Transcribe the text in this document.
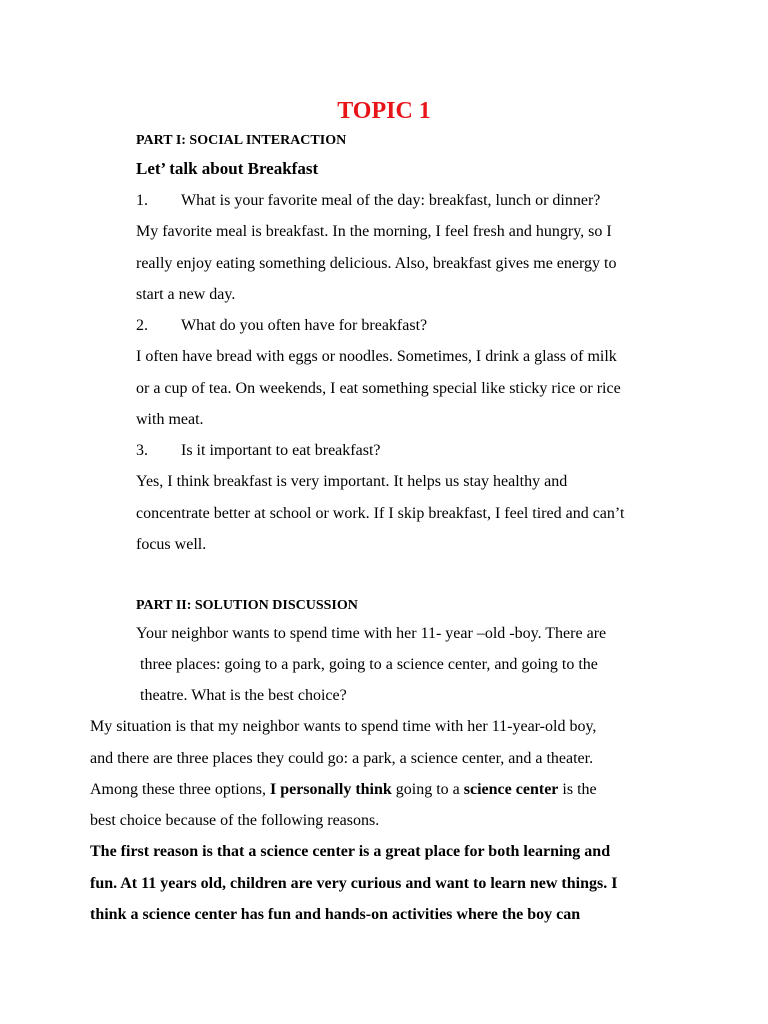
TOPIC 1
PART I: SOCIAL INTERACTION
Let’ talk about Breakfast
1. What is your favorite meal of the day: breakfast, lunch or dinner?
My favorite meal is breakfast. In the morning, I feel fresh and hungry, so I
really enjoy eating something delicious. Also, breakfast gives me energy to
start a new day.
2. What do you often have for breakfast?
I often have bread with eggs or noodles. Sometimes, I drink a glass of milk
or a cup of tea. On weekends, I eat something special like sticky rice or rice
with meat.
3. Is it important to eat breakfast?
Yes, I think breakfast is very important. It helps us stay healthy and
concentrate better at school or work. If I skip breakfast, I feel tired and can’t
focus well.
PART II: SOLUTION DISCUSSION
Your neighbor wants to spend time with her 11- year –old -boy. There are
three places: going to a park, going to a science center, and going to the
theatre. What is the best choice?
My situation is that my neighbor wants to spend time with her 11-year-old boy,
and there are three places they could go: a park, a science center, and a theater.
Among these three options, I personally think going to a science center is the
best choice because of the following reasons.
The first reason is that a science center is a great place for both learning and
fun. At 11 years old, children are very curious and want to learn new things. I
think a science center has fun and hands-on activities where the boy can
